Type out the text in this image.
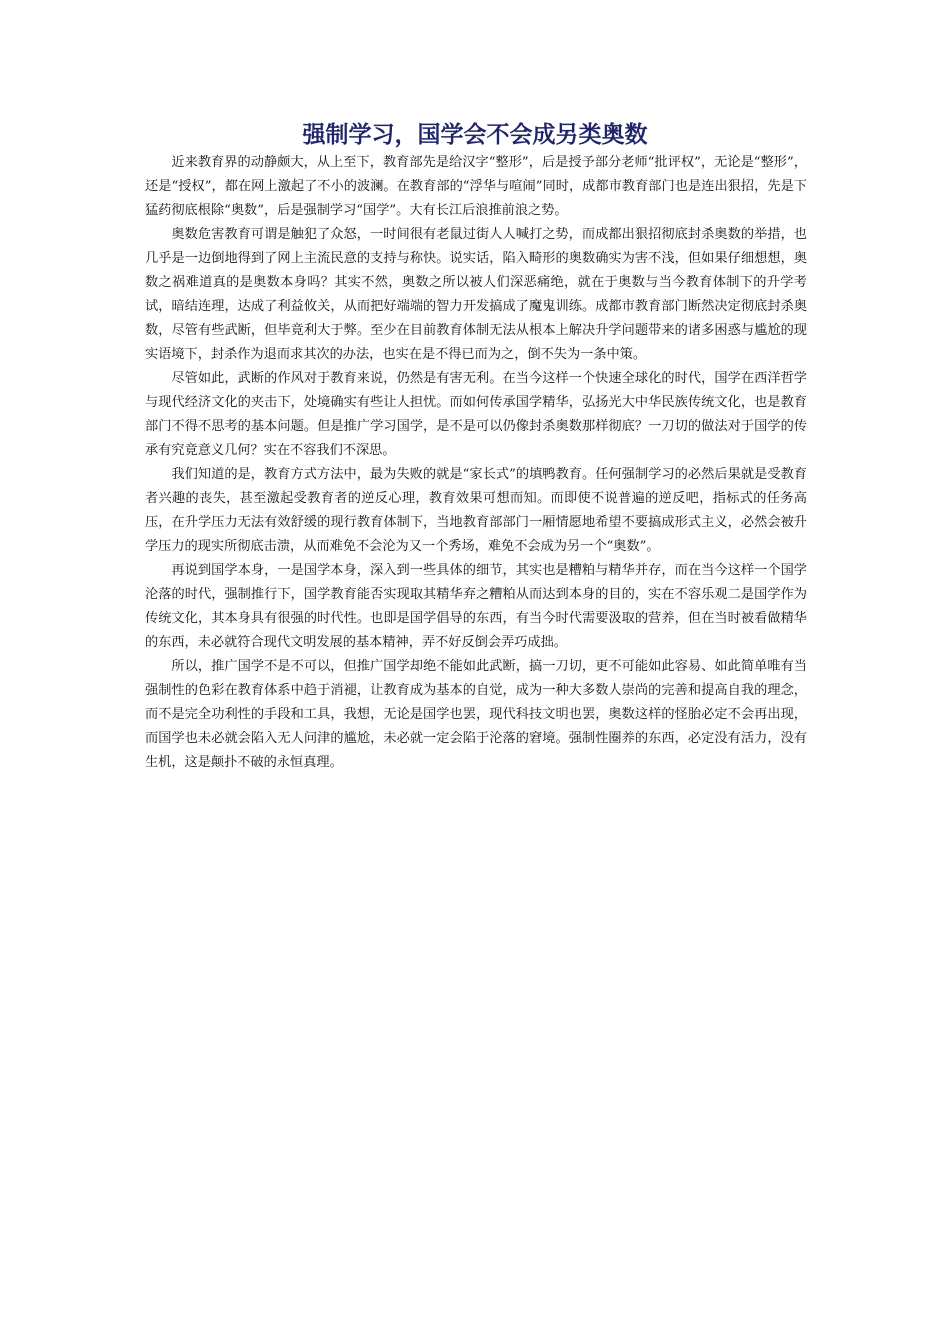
强制学习，国学会不会成另类奥数

近来教育界的动静颇大，从上至下，教育部先是给汉字“整形”，后是授予部分老师“批评权”，无论是“整形”，还是“授权”，都在网上激起了不小的波澜。在教育部的“浮华与喧闹”同时，成都市教育部门也是连出狠招，先是下猛药彻底根除“奥数”，后是强制学习“国学”。大有长江后浪推前浪之势。

奥数危害教育可谓是触犯了众怒，一时间很有老鼠过街人人喊打之势，而成都出狠招彻底封杀奥数的举措，也几乎是一边倒地得到了网上主流民意的支持与称快。说实话，陷入畸形的奥数确实为害不浅，但如果仔细想想，奥数之祸难道真的是奥数本身吗？其实不然，奥数之所以被人们深恶痛绝，就在于奥数与当今教育体制下的升学考试，暗结连理，达成了利益攸关，从而把好端端的智力开发搞成了魔鬼训练。成都市教育部门断然决定彻底封杀奥数，尽管有些武断，但毕竟利大于弊。至少在目前教育体制无法从根本上解决升学问题带来的诸多困惑与尴尬的现实语境下，封杀作为退而求其次的办法，也实在是不得已而为之，倒不失为一条中策。

尽管如此，武断的作风对于教育来说，仍然是有害无利。在当今这样一个快速全球化的时代，国学在西洋哲学与现代经济文化的夹击下，处境确实有些让人担忧。而如何传承国学精华，弘扬光大中华民族传统文化，也是教育部门不得不思考的基本问题。但是推广学习国学，是不是可以仍像封杀奥数那样彻底？一刀切的做法对于国学的传承有究竟意义几何？实在不容我们不深思。

我们知道的是，教育方式方法中，最为失败的就是“家长式”的填鸭教育。任何强制学习的必然后果就是受教育者兴趣的丧失，甚至激起受教育者的逆反心理，教育效果可想而知。而即使不说普遍的逆反吧，指标式的任务高压，在升学压力无法有效舒缓的现行教育体制下，当地教育部部门一厢情愿地希望不要搞成形式主义，必然会被升学压力的现实所彻底击溃，从而难免不会沦为又一个秀场，难免不会成为另一个“奥数”。

再说到国学本身，一是国学本身，深入到一些具体的细节，其实也是糟粕与精华并存，而在当今这样一个国学沦落的时代，强制推行下，国学教育能否实现取其精华弃之糟粕从而达到本身的目的，实在不容乐观二是国学作为传统文化，其本身具有很强的时代性。也即是国学倡导的东西，有当今时代需要汲取的营养，但在当时被看做精华的东西，未必就符合现代文明发展的基本精神，弄不好反倒会弄巧成拙。

所以，推广国学不是不可以，但推广国学却绝不能如此武断，搞一刀切，更不可能如此容易、如此简单唯有当强制性的色彩在教育体系中趋于消褪，让教育成为基本的自觉，成为一种大多数人崇尚的完善和提高自我的理念，而不是完全功利性的手段和工具，我想，无论是国学也罢，现代科技文明也罢，奥数这样的怪胎必定不会再出现，而国学也未必就会陷入无人问津的尴尬，未必就一定会陷于沦落的窘境。强制性圈养的东西，必定没有活力，没有生机，这是颠扑不破的永恒真理。
